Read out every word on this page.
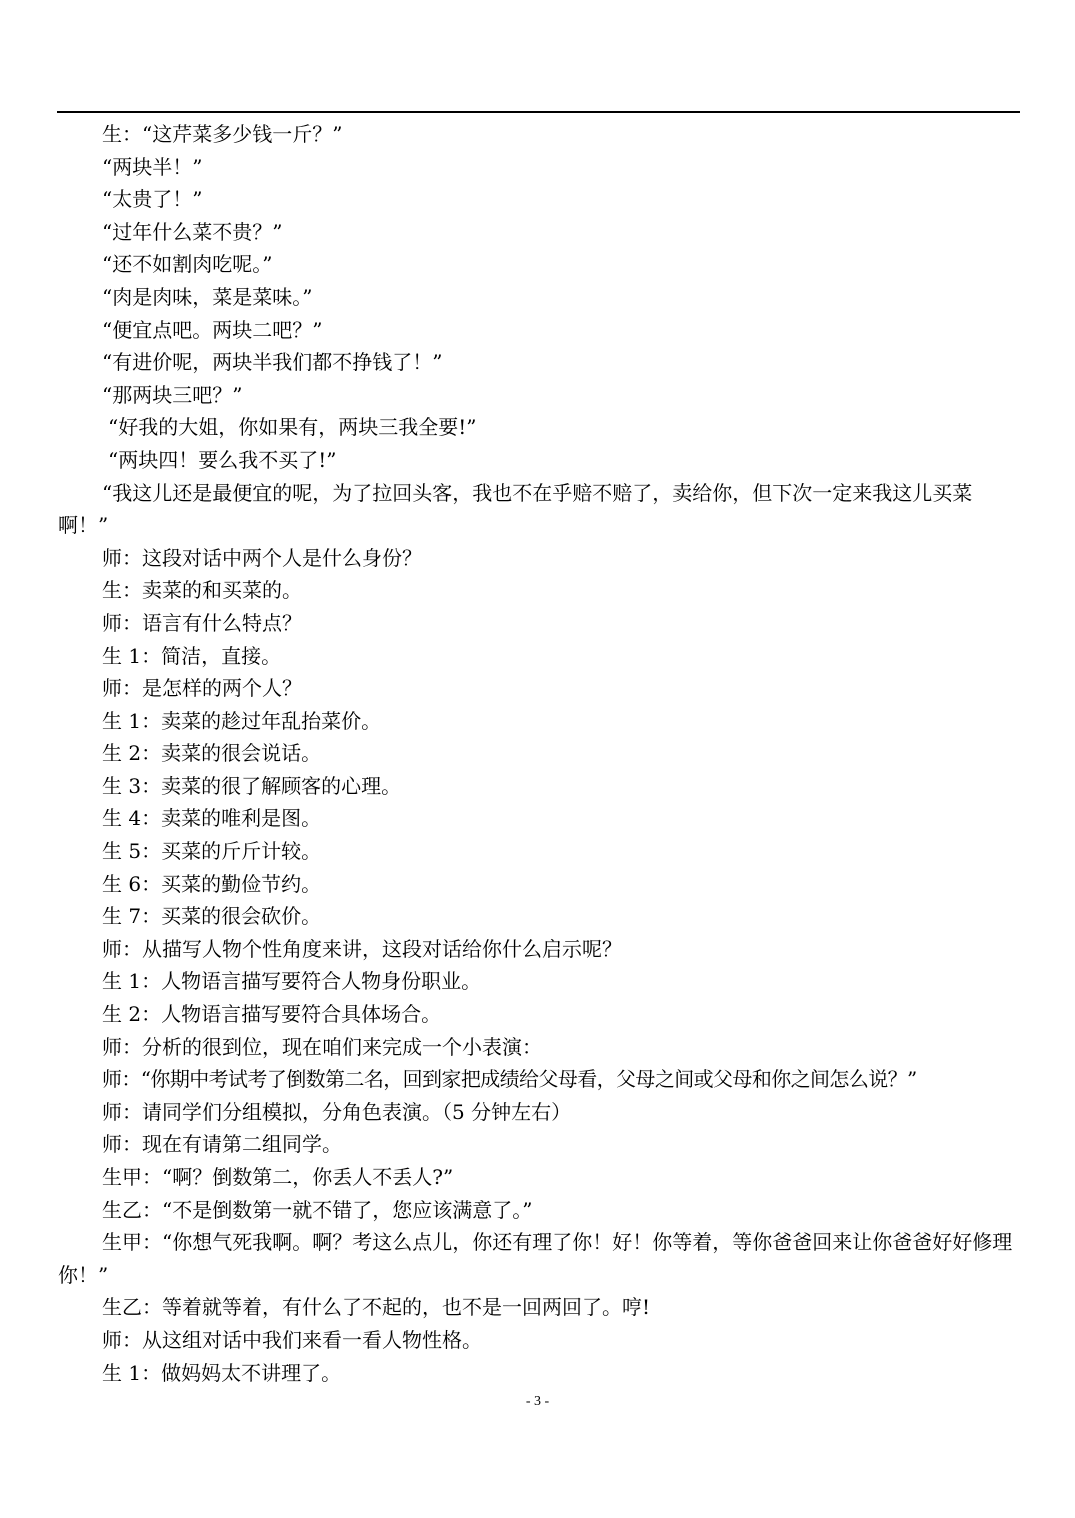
生：“这芹菜多少钱一斤？”
“两块半！”
“太贵了！”
“过年什么菜不贵？”
“还不如割肉吃呢。”
“肉是肉味，菜是菜味。”
“便宜点吧。两块二吧？”
“有进价呢，两块半我们都不挣钱了！”
“那两块三吧？”
“好我的大姐，你如果有，两块三我全要!”
“两块四！要么我不买了!”
“我这儿还是最便宜的呢，为了拉回头客，我也不在乎赔不赔了，卖给你，但下次一定来我这儿买菜啊！”
师：这段对话中两个人是什么身份？
生：卖菜的和买菜的。
师：语言有什么特点？
生 1：简洁，直接。
师：是怎样的两个人？
生 1：卖菜的趁过年乱抬菜价。
生 2：卖菜的很会说话。
生 3：卖菜的很了解顾客的心理。
生 4：卖菜的唯利是图。
生 5：买菜的斤斤计较。
生 6：买菜的勤俭节约。
生 7：买菜的很会砍价。
师：从描写人物个性角度来讲，这段对话给你什么启示呢？
生 1：人物语言描写要符合人物身份职业。
生 2：人物语言描写要符合具体场合。
师：分析的很到位，现在咱们来完成一个小表演：
师：“你期中考试考了倒数第二名，回到家把成绩给父母看，父母之间或父母和你之间怎么说？”
师：请同学们分组模拟，分角色表演。（5 分钟左右）
师：现在有请第二组同学。
生甲：“啊？倒数第二，你丢人不丢人?”
生乙：“不是倒数第一就不错了，您应该满意了。”
生甲：“你想气死我啊。啊？考这么点儿，你还有理了你！好！你等着，等你爸爸回来让你爸爸好好修理你！”
生乙：等着就等着，有什么了不起的，也不是一回两回了。哼!
师：从这组对话中我们来看一看人物性格。
生 1：做妈妈太不讲理了。
- 3 -
